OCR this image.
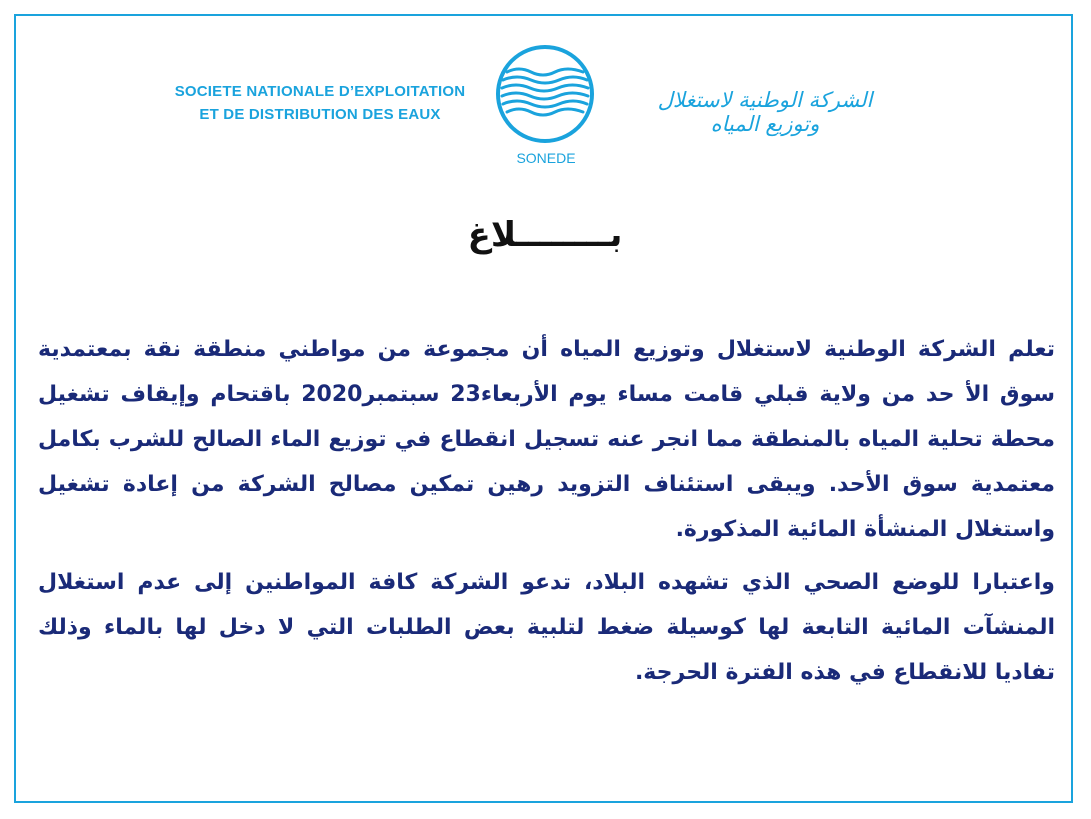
SOCIETE NATIONALE D’EXPLOITATION
ET DE DISTRIBUTION DES EAUX
SONEDE
الشركة الوطنية لاستغلال وتوزيع المياه
بــــــــلاغ

تعلم الشركة الوطنية لاستغلال وتوزيع المياه أن مجموعة من مواطني منطقة نقة بمعتمدية سوق الأ حد من ولاية قبلي قامت مساء يوم الأربعاء23 سبتمبر2020 باقتحام وإيقاف تشغيل محطة تحلية المياه بالمنطقة مما انجر عنه تسجيل انقطاع في توزيع الماء الصالح للشرب بكامل معتمدية سوق الأحد. ويبقى استئناف التزويد رهين تمكين مصالح الشركة من إعادة تشغيل واستغلال المنشأة المائية المذكورة.

واعتبارا للوضع الصحي الذي تشهده البلاد، تدعو الشركة كافة المواطنين إلى عدم استغلال المنشآت المائية التابعة لها كوسيلة ضغط لتلبية بعض الطلبات التي لا دخل لها بالماء وذلك تفاديا للانقطاع في هذه الفترة الحرجة.
